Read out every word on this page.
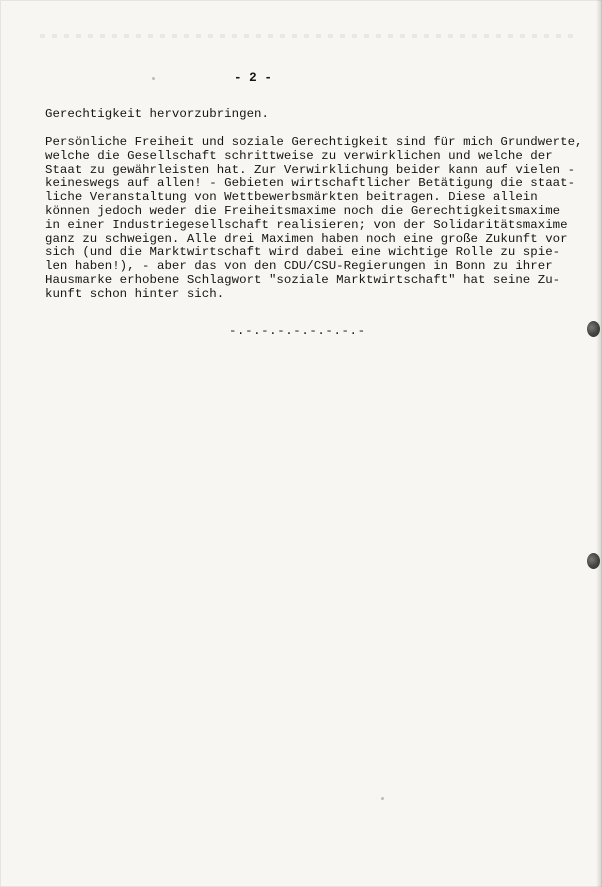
- 2 -
Gerechtigkeit hervorzubringen.
Persönliche Freiheit und soziale Gerechtigkeit sind für mich Grundwerte,
welche die Gesellschaft schrittweise zu verwirklichen und welche der
Staat zu gewährleisten hat. Zur Verwirklichung beider kann auf vielen -
keineswegs auf allen! - Gebieten wirtschaftlicher Betätigung die staat-
liche Veranstaltung von Wettbewerbsmärkten beitragen. Diese allein
können jedoch weder die Freiheitsmaxime noch die Gerechtigkeitsmaxime
in einer Industriegesellschaft realisieren; von der Solidaritätsmaxime
ganz zu schweigen. Alle drei Maximen haben noch eine große Zukunft vor
sich (und die Marktwirtschaft wird dabei eine wichtige Rolle zu spie-
len haben!), - aber das von den CDU/CSU-Regierungen in Bonn zu ihrer
Hausmarke erhobene Schlagwort "soziale Marktwirtschaft" hat seine Zu-
kunft schon hinter sich.
-.-.-.-.-.-.-.-.-
